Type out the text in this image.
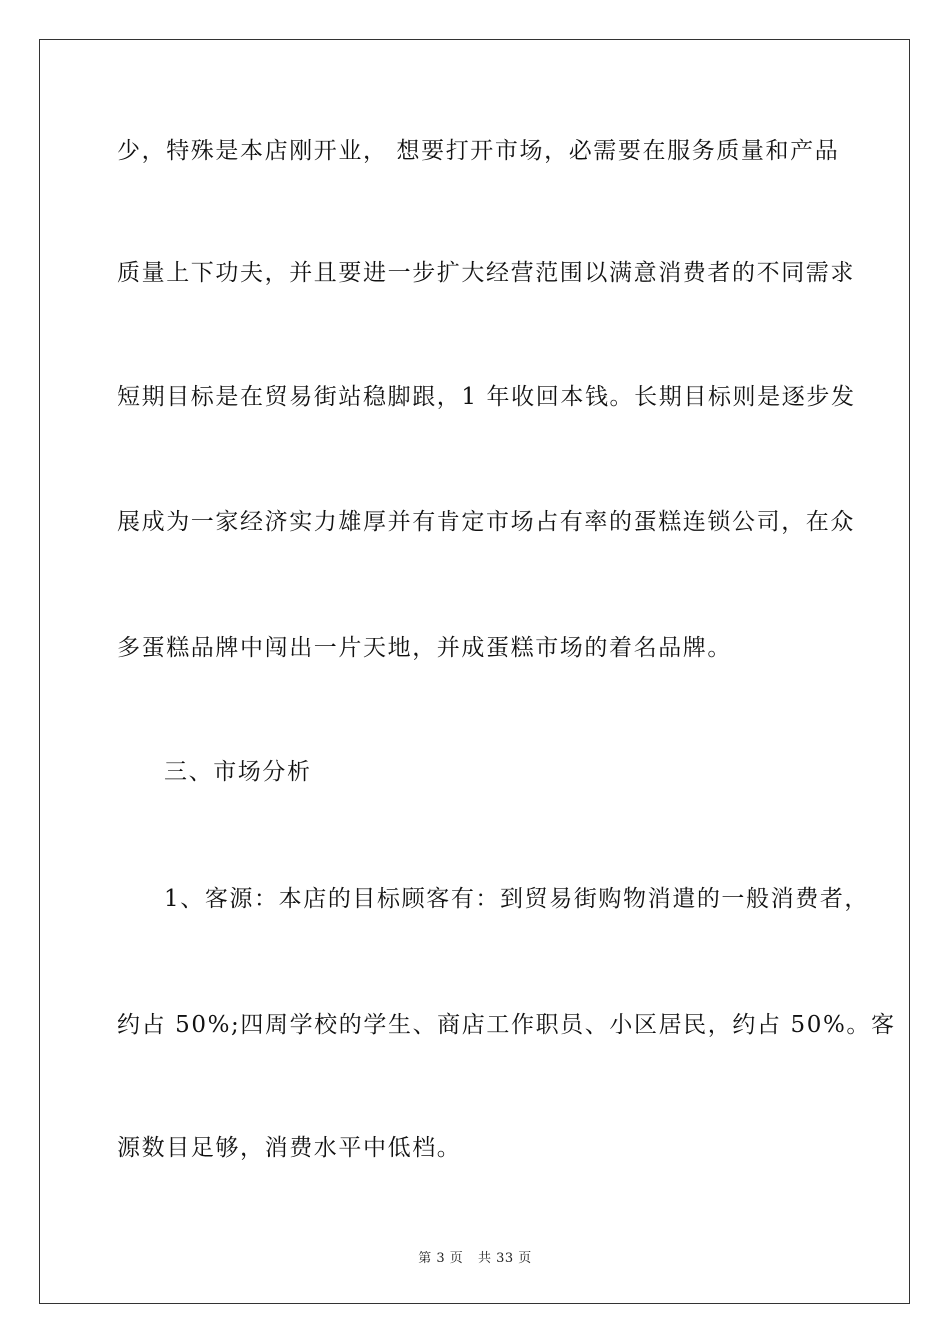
少，特殊是本店刚开业， 想要打开市场，必需要在服务质量和产品
质量上下功夫，并且要进一步扩大经营范围以满意消费者的不同需求
短期目标是在贸易街站稳脚跟，1 年收回本钱。长期目标则是逐步发
展成为一家经济实力雄厚并有肯定市场占有率的蛋糕连锁公司，在众
多蛋糕品牌中闯出一片天地，并成蛋糕市场的着名品牌。
三、市场分析
1、客源：本店的目标顾客有：到贸易街购物消遣的一般消费者，
约占 50%;四周学校的学生、商店工作职员、小区居民，约占 50%。客
源数目足够，消费水平中低档。
第 3 页 共 33 页
